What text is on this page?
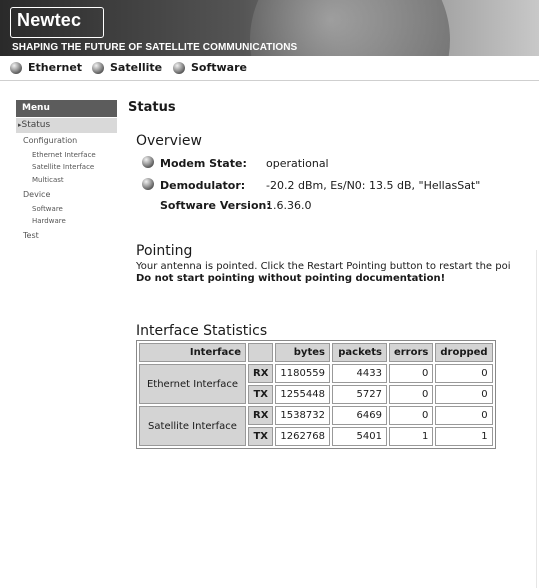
Newtec
SHAPING THE FUTURE OF SATELLITE COMMUNICATIONS
Ethernet	Satellite	Software
Menu
▸Status
Configuration
Ethernet Interface
Satellite Interface
Multicast
Device
Software
Hardware
Test
Status
Overview
Modem State: operational
Demodulator: -20.2 dBm, Es/N0: 13.5 dB, "HellasSat"
Software Version:
1.6.36.0
Pointing
Your antenna is pointed. Click the Restart Pointing button to restart the poi
Do not start pointing without pointing documentation!
Interface Statistics
Interface		bytes	packets	errors	dropped
Ethernet Interface	RX	1180559	4433	0	0
	TX	1255448	5727	0	0
Satellite Interface	RX	1538732	6469	0	0
	TX	1262768	5401	1	1
